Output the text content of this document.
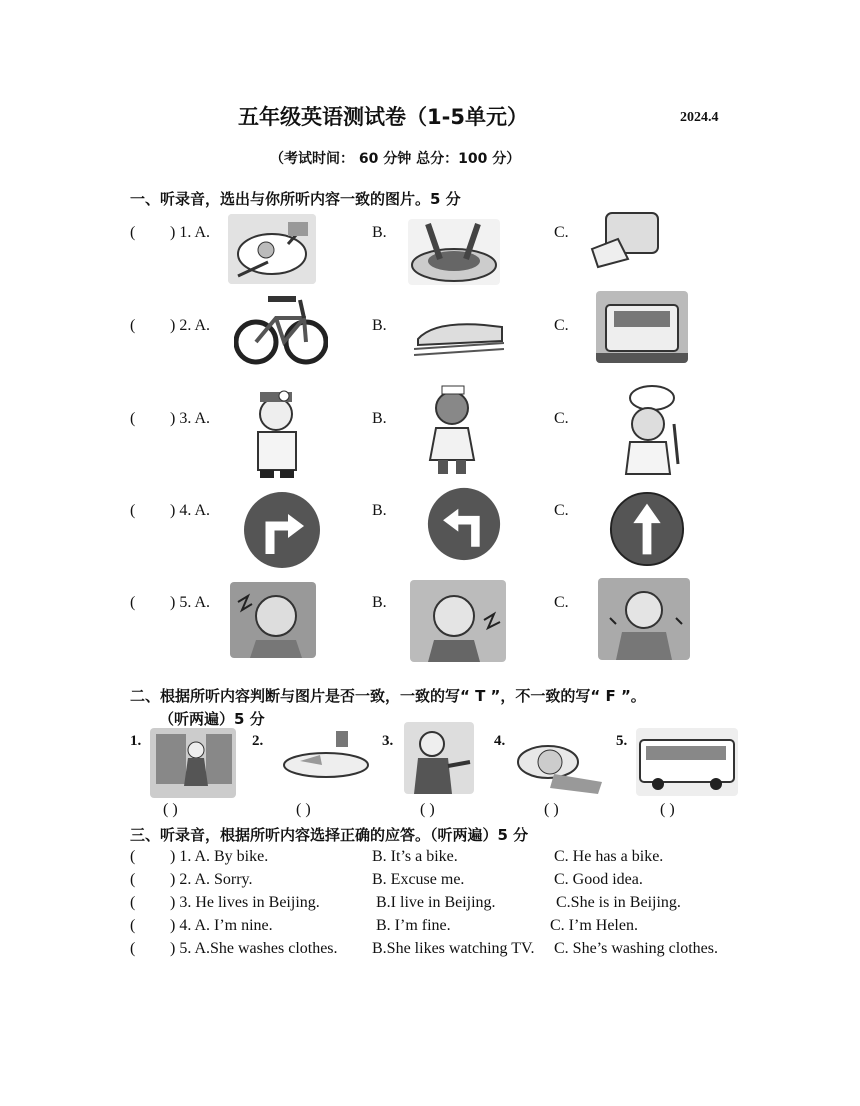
五年级英语测试卷（1-5单元）	2024.4
（考试时间： 60 分钟 总分：100 分）
一、听录音，选出与你所听内容一致的图片。5 分
( ) 1. A.	B.	C.
( ) 2. A.	B.	C.
( ) 3. A.	B.	C.
( ) 4. A.	B.	C.
( ) 5. A.	B.	C.
二、根据所听内容判断与图片是否一致，一致的写“ T ”，不一致的写“ F ”。
（听两遍）5 分
1.	2.	3.	4.	5.
( )	( )	( )	( )	( )
三、听录音，根据所听内容选择正确的应答。（听两遍）5 分
( ) 1. A. By bike.	B. It’s a bike.	C. He has a bike.
( ) 2. A. Sorry.	B. Excuse me.	C. Good idea.
( ) 3. He lives in Beijing.	B.I live in Beijing.	C.She is in Beijing.
( ) 4. A. I’m nine.	B. I’m fine.	C. I’m Helen.
( ) 5. A.She washes clothes. B.She likes watching TV. C. She’s washing clothes.
